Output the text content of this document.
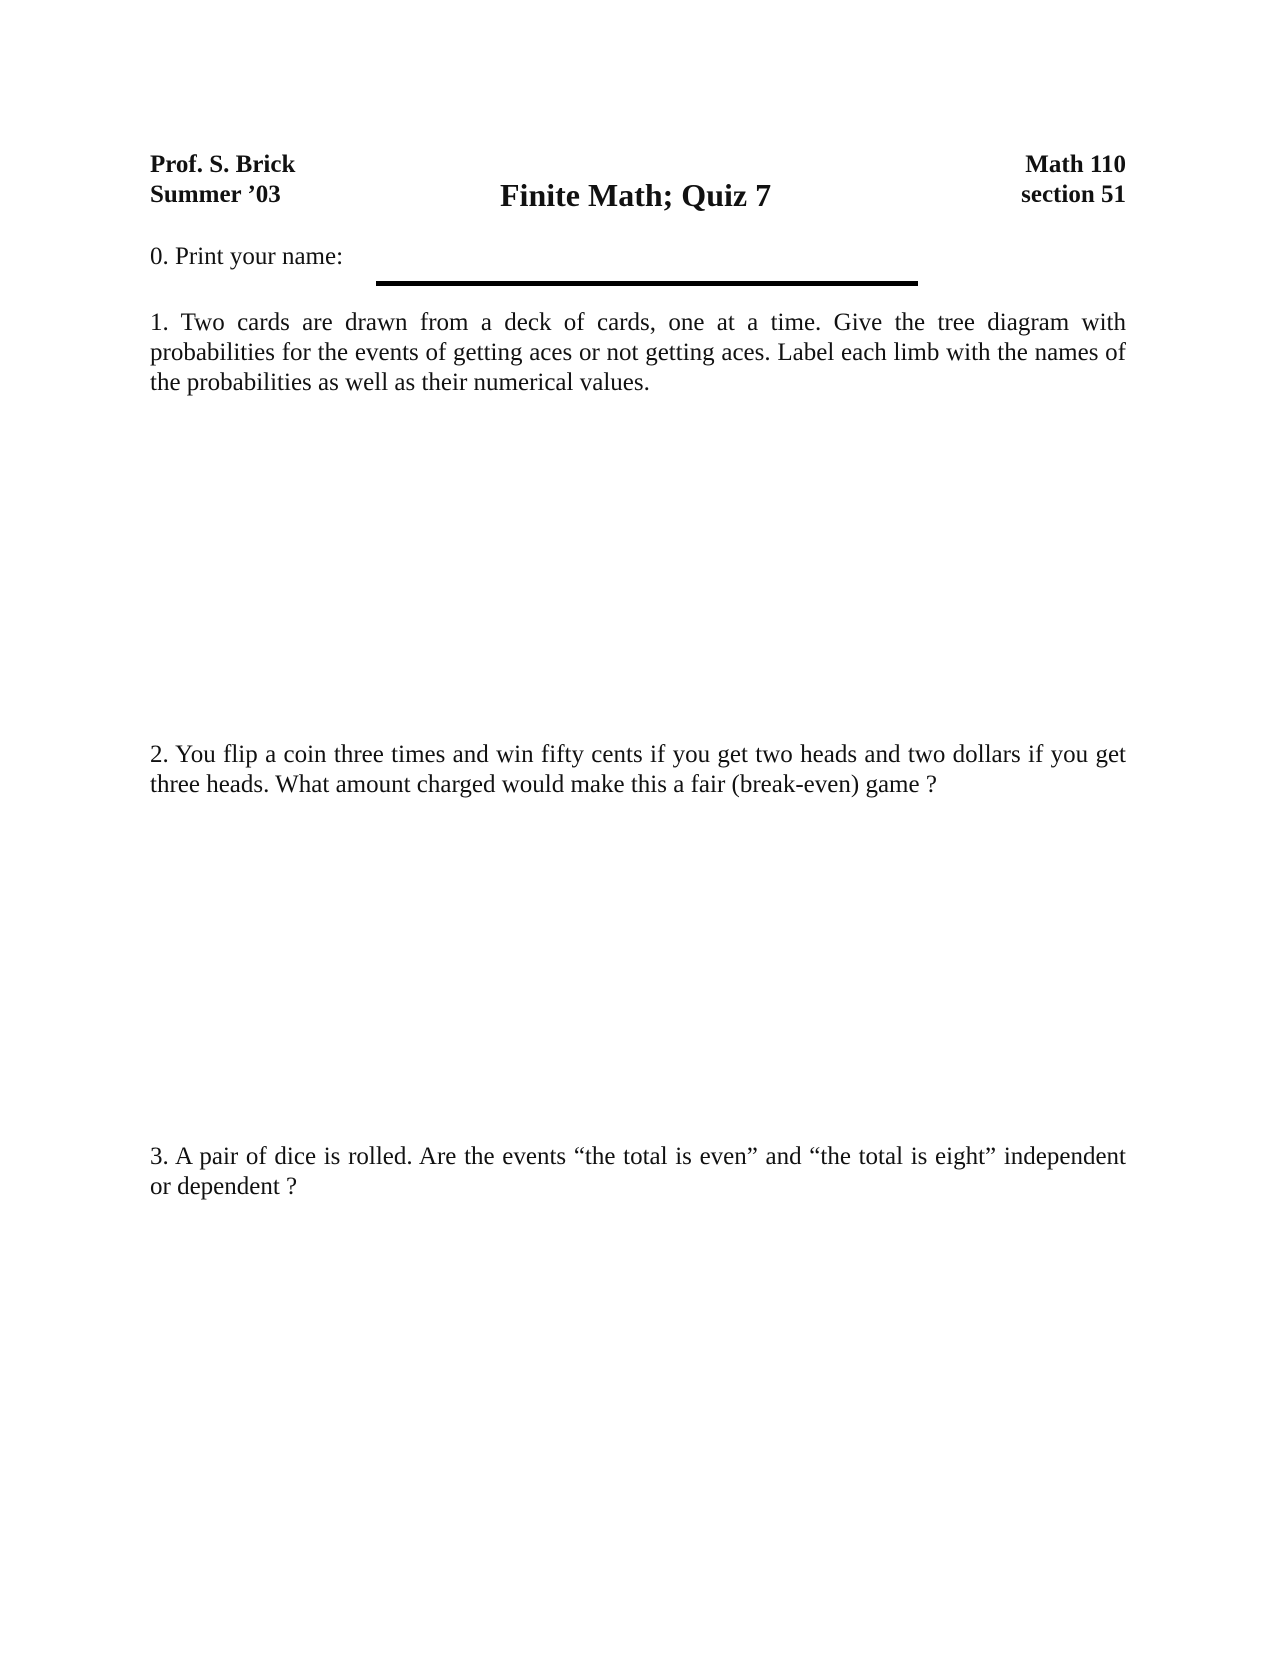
Prof. S. Brick
Summer ’03	Finite Math; Quiz 7
Math 110
section 51
0. Print your name:
1. Two cards are drawn from a deck of cards, one at a time. Give the tree diagram with probabilities for the events of getting aces or not getting aces. Label each limb with the names of the probabilities as well as their numerical values.
2. You flip a coin three times and win fifty cents if you get two heads and two dollars if you get three heads. What amount charged would make this a fair (break-even) game ?
3. A pair of dice is rolled. Are the events “the total is even” and “the total is eight” independent or dependent ?
